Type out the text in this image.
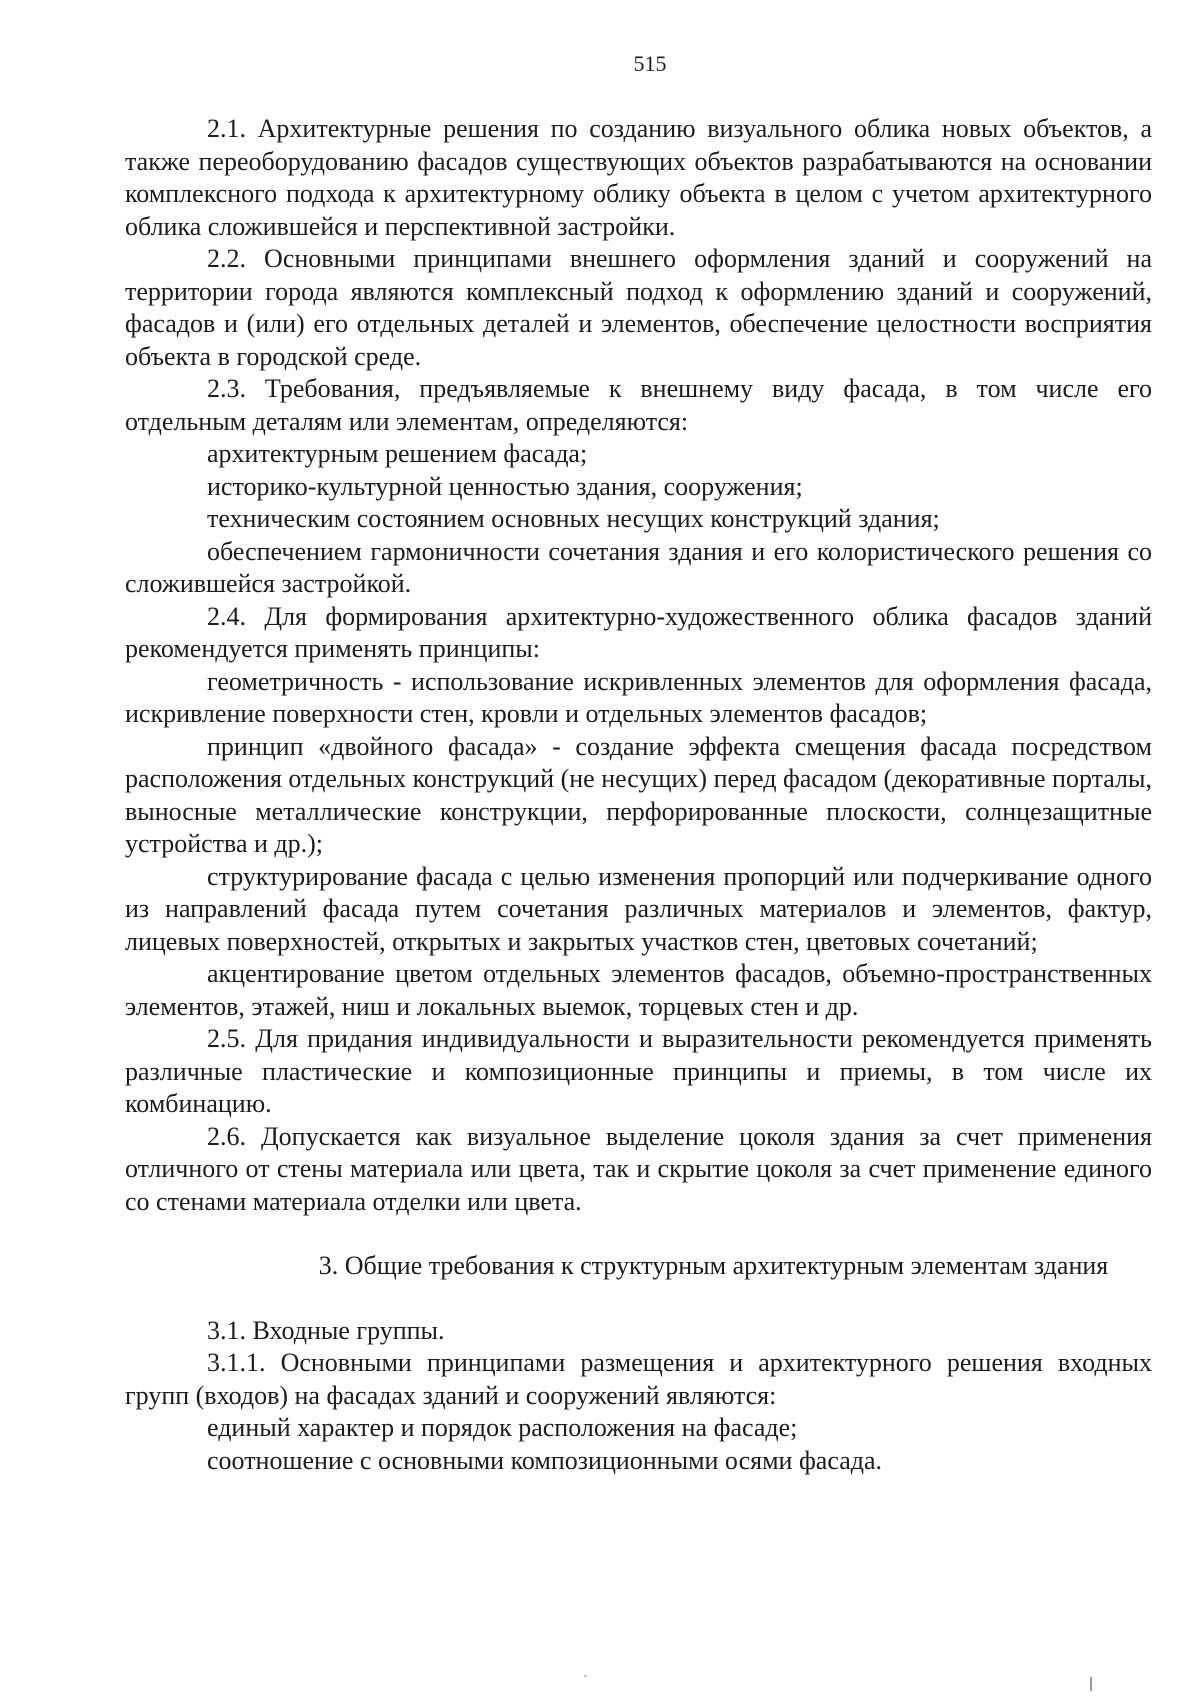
515

2.1. Архитектурные решения по созданию визуального облика новых объектов, а также переоборудованию фасадов существующих объектов разрабатываются на основании комплексного подхода к архитектурному облику объекта в целом с учетом архитектурного облика сложившейся и перспективной застройки.

2.2. Основными принципами внешнего оформления зданий и сооружений на территории города являются комплексный подход к оформлению зданий и сооружений, фасадов и (или) его отдельных деталей и элементов, обеспечение целостности восприятия объекта в городской среде.

2.3. Требования, предъявляемые к внешнему виду фасада, в том числе его отдельным деталям или элементам, определяются:

архитектурным решением фасада;

историко-культурной ценностью здания, сооружения;

техническим состоянием основных несущих конструкций здания;

обеспечением гармоничности сочетания здания и его колористического решения со сложившейся застройкой.

2.4. Для формирования архитектурно-художественного облика фасадов зданий рекомендуется применять принципы:

геометричность - использование искривленных элементов для оформления фасада, искривление поверхности стен, кровли и отдельных элементов фасадов;

принцип «двойного фасада» - создание эффекта смещения фасада посредством расположения отдельных конструкций (не несущих) перед фасадом (декоративные порталы, выносные металлические конструкции, перфорированные плоскости, солнцезащитные устройства и др.);

структурирование фасада с целью изменения пропорций или подчеркивание одного из направлений фасада путем сочетания различных материалов и элементов, фактур, лицевых поверхностей, открытых и закрытых участков стен, цветовых сочетаний;

акцентирование цветом отдельных элементов фасадов, объемно-пространственных элементов, этажей, ниш и локальных выемок, торцевых стен и др.

2.5. Для придания индивидуальности и выразительности рекомендуется применять различные пластические и композиционные принципы и приемы, в том числе их комбинацию.

2.6. Допускается как визуальное выделение цоколя здания за счет применения отличного от стены материала или цвета, так и скрытие цоколя за счет применение единого со стенами материала отделки или цвета.

3. Общие требования к структурным архитектурным элементам здания

3.1. Входные группы.

3.1.1. Основными принципами размещения и архитектурного решения входных групп (входов) на фасадах зданий и сооружений являются:

единый характер и порядок расположения на фасаде;

соотношение с основными композиционными осями фасада.
